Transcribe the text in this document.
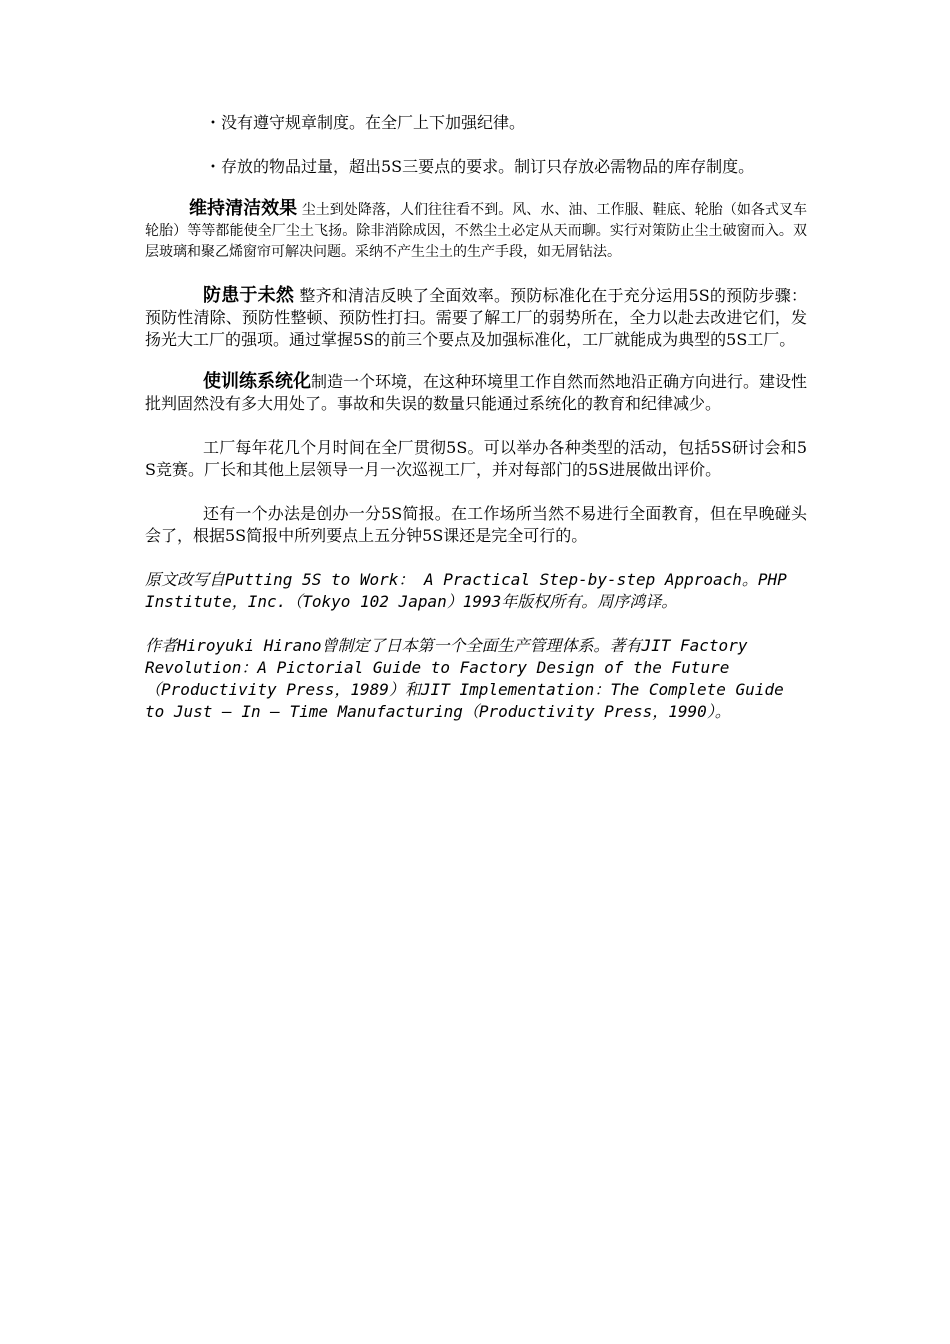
・没有遵守规章制度。在全厂上下加强纪律。

・存放的物品过量，超出5S三要点的要求。制订只存放必需物品的库存制度。

维持清洁效果 尘土到处降落，人们往往看不到。风、水、油、工作服、鞋底、轮胎（如各式叉车轮胎）等等都能使全厂尘土飞扬。除非消除成因，不然尘土必定从天而聊。实行对策防止尘土破窗而入。双层玻璃和聚乙烯窗帘可解决问题。采纳不产生尘土的生产手段，如无屑钻法。

防患于未然 整齐和清洁反映了全面效率。预防标准化在于充分运用5S的预防步骤：预防性清除、预防性整顿、预防性打扫。需要了解工厂的弱势所在，全力以赴去改进它们，发扬光大工厂的强项。通过掌握5S的前三个要点及加强标准化，工厂就能成为典型的5S工厂。

使训练系统化制造一个环境，在这种环境里工作自然而然地沿正确方向进行。建设性批判固然没有多大用处了。事故和失误的数量只能通过系统化的教育和纪律减少。

工厂每年花几个月时间在全厂贯彻5S。可以举办各种类型的活动，包括5S研讨会和5S竞赛。厂长和其他上层领导一月一次巡视工厂，并对每部门的5S进展做出评价。

还有一个办法是创办一分5S简报。在工作场所当然不易进行全面教育，但在早晚碰头会了，根据5S简报中所列要点上五分钟5S课还是完全可行的。

原文改写自Putting 5S to Work： A Practical Step-by-step Approach。PHP Institute，Inc.（Tokyo 102 Japan）1993年版权所有。周序鸿译。

作者Hiroyuki Hirano曾制定了日本第一个全面生产管理体系。著有JIT Factory Revolution：A Pictorial Guide to Factory Design of the Future（Productivity Press，1989）和JIT Implementation：The Complete Guide to Just – In – Time Manufacturing（Productivity Press，1990）。
